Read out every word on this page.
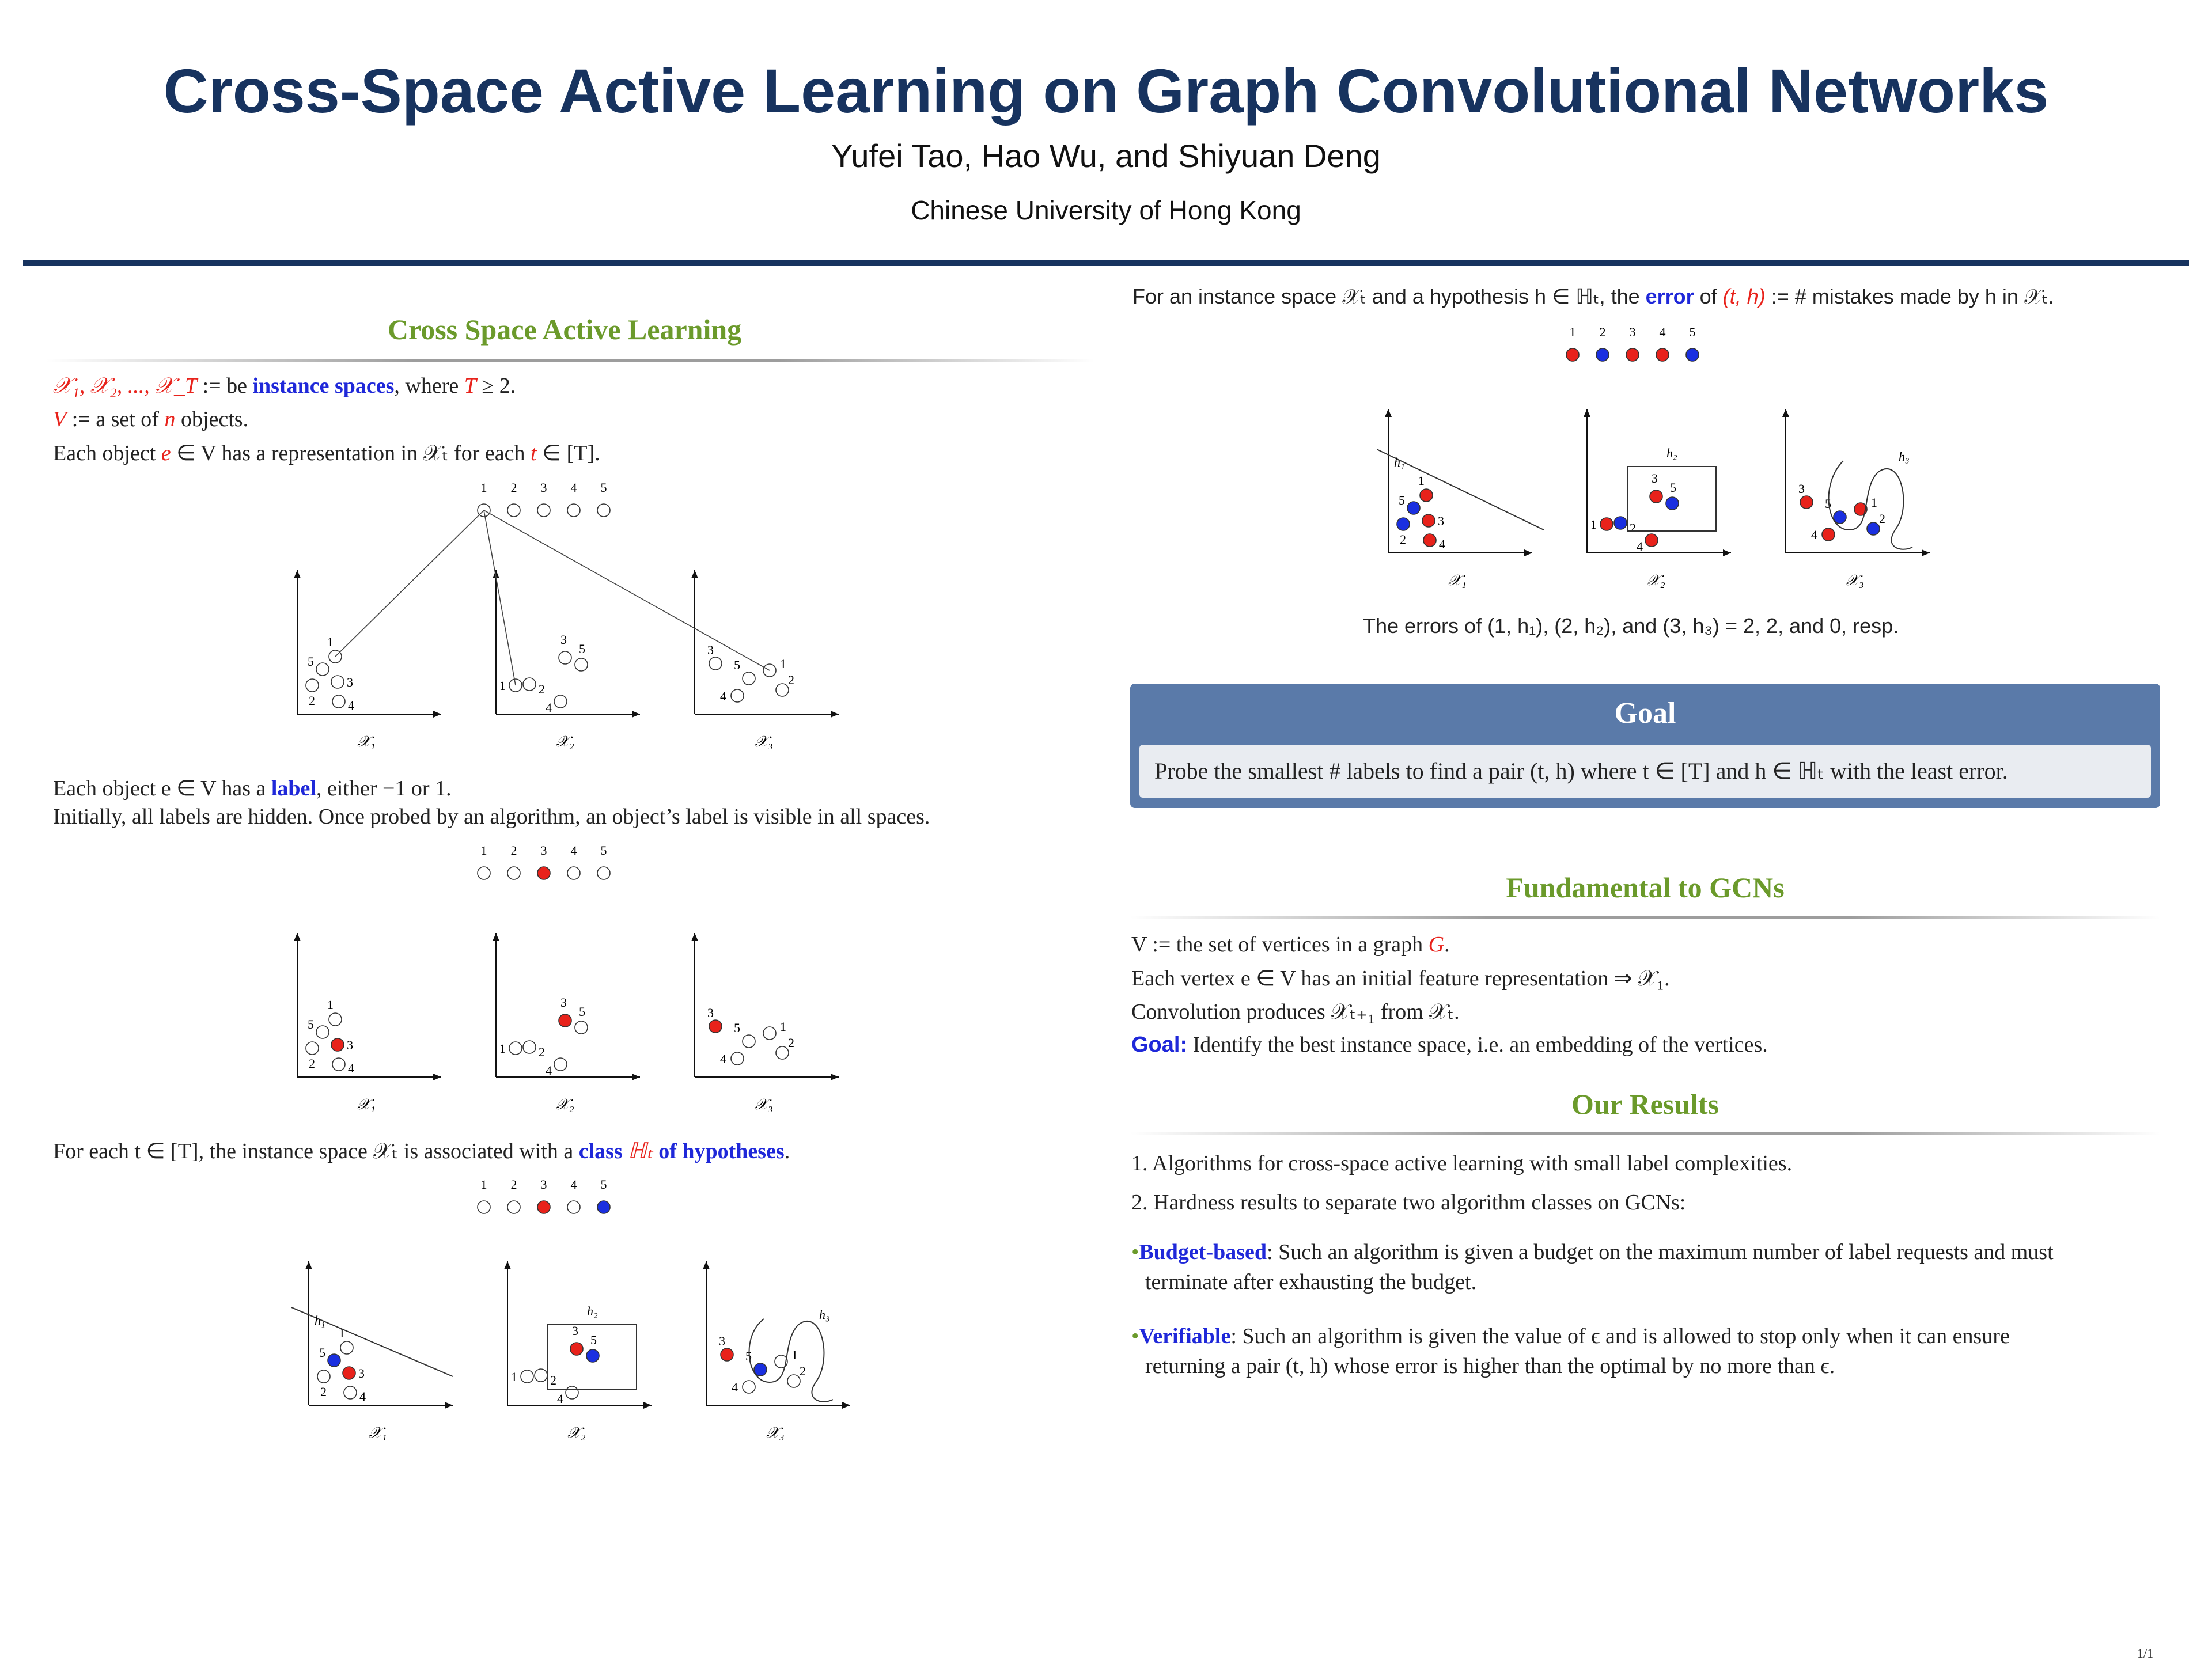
Cross-Space Active Learning on Graph Convolutional Networks
Yufei Tao, Hao Wu, and Shiyuan Deng
Chinese University of Hong Kong
Cross Space Active Learning
𝒳₁, 𝒳₂, ..., 𝒳_T := be instance spaces, where T ≥ 2.
V := a set of n objects.
Each object e ∈ V has a representation in 𝒳ₜ for each t ∈ [T].
1 2 3 4 5
𝒳₁
1
5
2
3
4
𝒳₂
3
5
1	2
4
𝒳₃
3
1
5
2
4
Each object e ∈ V has a label, either −1 or 1.
Initially, all labels are hidden. Once probed by an algorithm, an object’s label is visible in all spaces.
1 2 3 4 5
𝒳₁
1
5
2
3
4
𝒳₂
3
5
1	2
4
𝒳₃
3
1
5
2
4
For each t ∈ [T], the instance space 𝒳ₜ is associated with a class ℍₜ of hypotheses.
1 2 3 4 5
𝒳₁
1
5
2
3
4
𝒳₂
3
5
1	2
4
𝒳₃
3
1
5
2
4
h₁
h₂	h₃
For an instance space 𝒳ₜ and a hypothesis h ∈ ℍₜ, the error of (t, h) := # mistakes made by h in 𝒳ₜ.
1 2 3 4 5
𝒳₁
1
5
2
3
4
𝒳₂
3
5
1	2
4
𝒳₃
3
1
5
2
4
h₁
h₂	h₃
The errors of (1, h₁), (2, h₂), and (3, h₃) = 2, 2, and 0, resp.
Goal
Probe the smallest # labels to find a pair (t, h) where t ∈ [T] and h ∈ ℍₜ with the least error.
Fundamental to GCNs
V := the set of vertices in a graph G.
Each vertex e ∈ V has an initial feature representation ⇒ 𝒳₁.
Convolution produces 𝒳ₜ₊₁ from 𝒳ₜ.
Goal: Identify the best instance space, i.e. an embedding of the vertices.
Our Results
1. Algorithms for cross-space active learning with small label complexities.
2. Hardness results to separate two algorithm classes on GCNs:
•Budget-based: Such an algorithm is given a budget on the maximum number of label requests and must
terminate after exhausting the budget.
•Verifiable: Such an algorithm is given the value of ϵ and is allowed to stop only when it can ensure
returning a pair (t, h) whose error is higher than the optimal by no more than ϵ.
1/1
